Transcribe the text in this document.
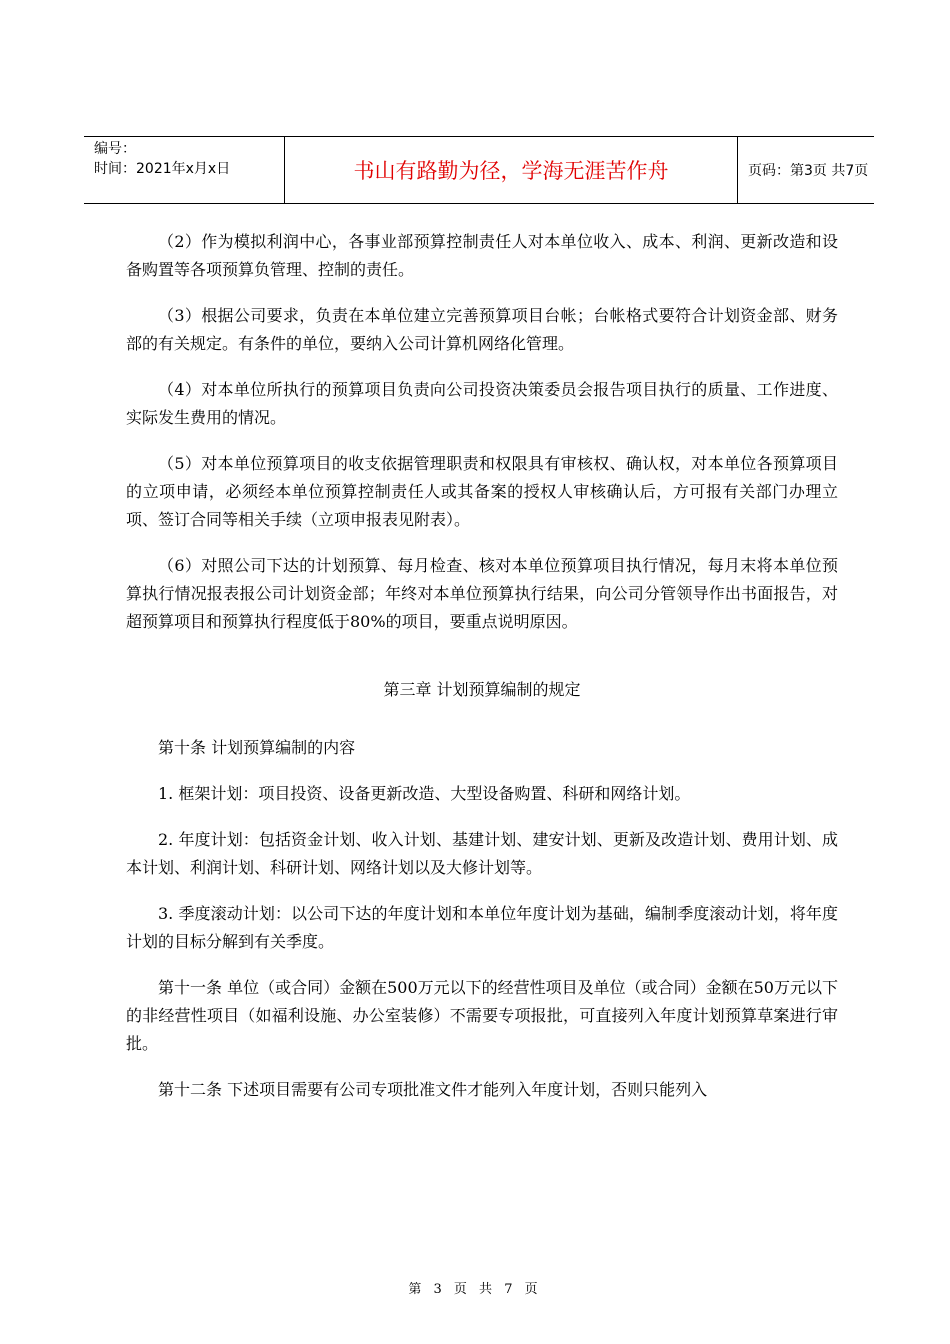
编号：
时间：2021年x月x日	书山有路勤为径，学海无涯苦作舟	页码：第3页 共7页

（2）作为模拟利润中心，各事业部预算控制责任人对本单位收入、成本、利润、更新改造和设备购置等各项预算负管理、控制的责任。

（3）根据公司要求，负责在本单位建立完善预算项目台帐；台帐格式要符合计划资金部、财务部的有关规定。有条件的单位，要纳入公司计算机网络化管理。

（4）对本单位所执行的预算项目负责向公司投资决策委员会报告项目执行的质量、工作进度、实际发生费用的情况。

（5）对本单位预算项目的收支依据管理职责和权限具有审核权、确认权，对本单位各预算项目的立项申请，必须经本单位预算控制责任人或其备案的授权人审核确认后，方可报有关部门办理立项、签订合同等相关手续（立项申报表见附表）。

（6）对照公司下达的计划预算、每月检查、核对本单位预算项目执行情况，每月末将本单位预算执行情况报表报公司计划资金部；年终对本单位预算执行结果，向公司分管领导作出书面报告，对超预算项目和预算执行程度低于80%的项目，要重点说明原因。

第三章 计划预算编制的规定

第十条 计划预算编制的内容

1. 框架计划：项目投资、设备更新改造、大型设备购置、科研和网络计划。

2. 年度计划：包括资金计划、收入计划、基建计划、建安计划、更新及改造计划、费用计划、成本计划、利润计划、科研计划、网络计划以及大修计划等。

3. 季度滚动计划：以公司下达的年度计划和本单位年度计划为基础，编制季度滚动计划，将年度计划的目标分解到有关季度。

第十一条 单位（或合同）金额在500万元以下的经营性项目及单位（或合同）金额在50万元以下的非经营性项目（如福利设施、办公室装修）不需要专项报批，可直接列入年度计划预算草案进行审批。

第十二条 下述项目需要有公司专项批准文件才能列入年度计划，否则只能列入

第 3 页 共 7 页
